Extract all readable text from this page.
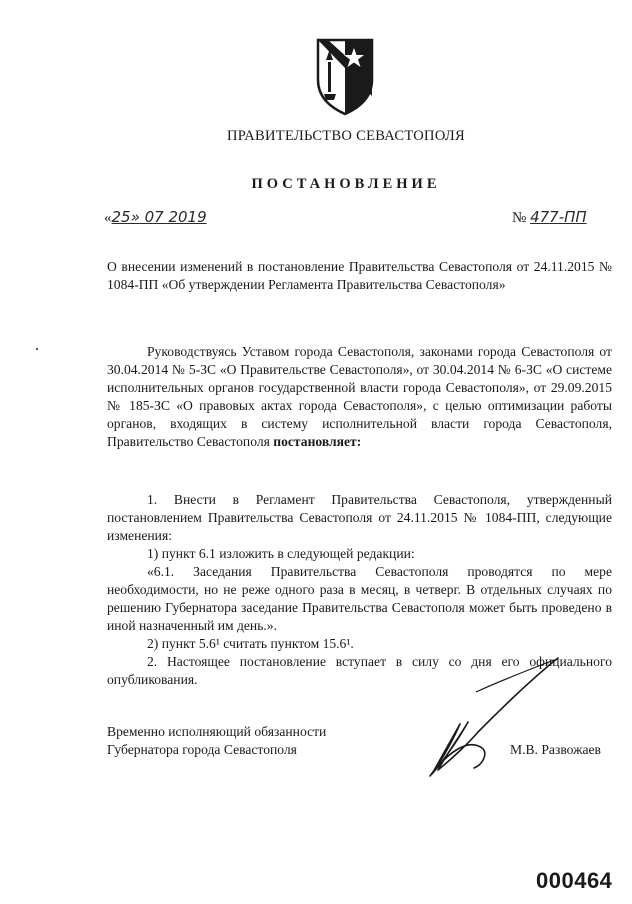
ПРАВИТЕЛЬСТВО СЕВАСТОПОЛЯ
ПОСТАНОВЛЕНИЕ
«25» 07 2019	№ 477-ПП
О внесении изменений в постановление Правительства Севастополя от 24.11.2015 № 1084-ПП «Об утверждении Регламента Правительства Севастополя»
Руководствуясь Уставом города Севастополя, законами города Севастополя от 30.04.2014 № 5-ЗС «О Правительстве Севастополя», от 30.04.2014 № 6-ЗС «О системе исполнительных органов государственной власти города Севастополя», от 29.09.2015 № 185-ЗС «О правовых актах города Севастополя», с целью оптимизации работы органов, входящих в систему исполнительной власти города Севастополя, Правительство Севастополя постановляет:

1. Внести в Регламент Правительства Севастополя, утвержденный постановлением Правительства Севастополя от 24.11.2015 № 1084-ПП, следующие изменения:

1) пункт 6.1 изложить в следующей редакции:

«6.1. Заседания Правительства Севастополя проводятся по мере необходимости, но не реже одного раза в месяц, в четверг. В отдельных случаях по решению Губернатора заседание Правительства Севастополя может быть проведено в иной назначенный им день.».

2) пункт 5.6¹ считать пунктом 15.6¹.

2. Настоящее постановление вступает в силу со дня его официального опубликования.

Временно исполняющий обязанности
Губернатора города Севастополя	М.В. Развожаев
000464
